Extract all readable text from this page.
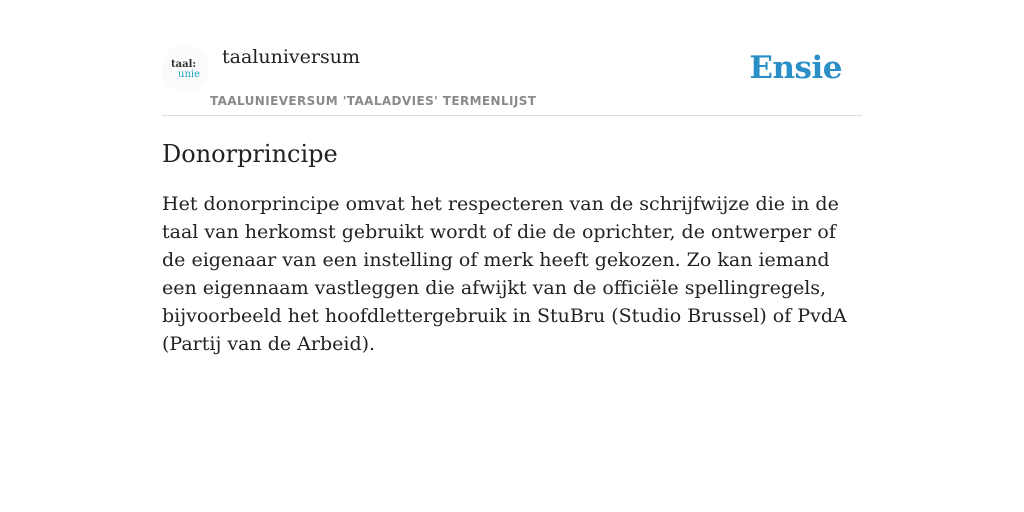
taal:
unie
taaluniversum
TAALUNIEVERSUM 'TAALADVIES' TERMENLIJST
Ensie
Donorprincipe

Het donorprincipe omvat het respecteren van de schrijfwijze die in de taal van herkomst gebruikt wordt of die de oprichter, de ontwerper of de eigenaar van een instelling of merk heeft gekozen. Zo kan iemand een eigennaam vastleggen die afwijkt van de officiële spellingregels, bijvoorbeeld het hoofdlettergebruik in StuBru (Studio Brussel) of PvdA (Partij van de Arbeid).
